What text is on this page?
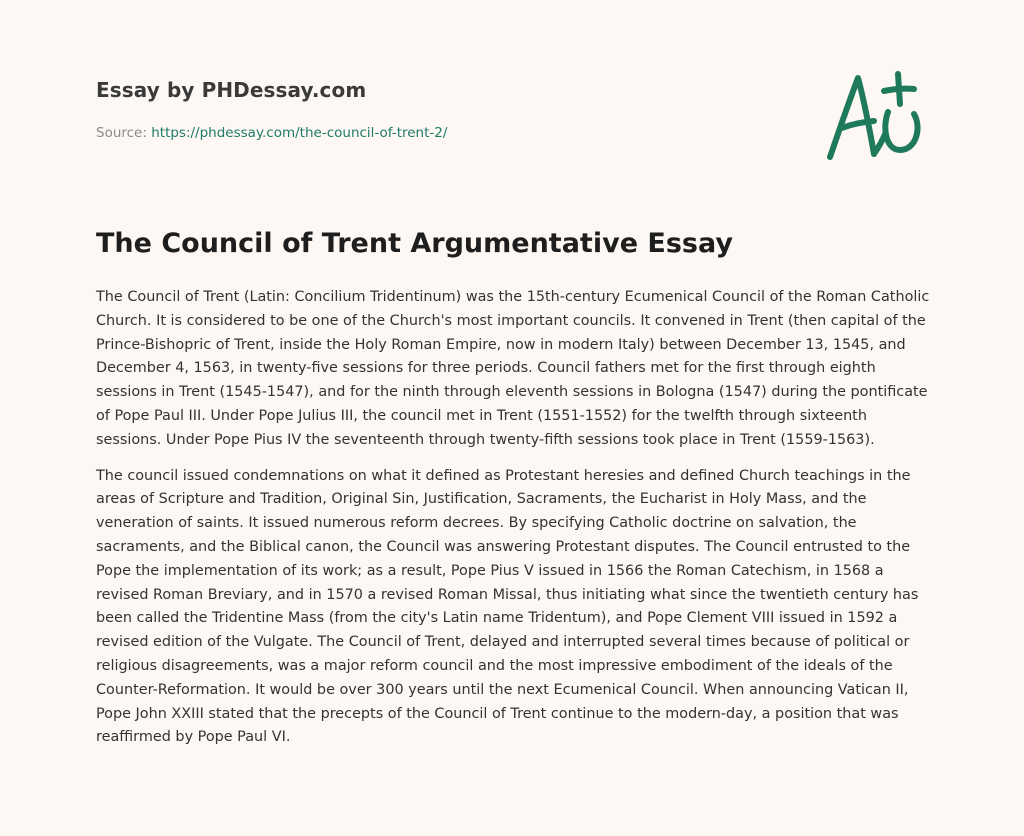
Essay by PHDessay.com

Source: https://phdessay.com/the-council-of-trent-2/
The Council of Trent Argumentative Essay

The Council of Trent (Latin: Concilium Tridentinum) was the 15th-century Ecumenical Council of the Roman Catholic Church. It is considered to be one of the Church's most important councils. It convened in Trent (then capital of the Prince-Bishopric of Trent, inside the Holy Roman Empire, now in modern Italy) between December 13, 1545, and December 4, 1563, in twenty-five sessions for three periods. Council fathers met for the first through eighth sessions in Trent (1545-1547), and for the ninth through eleventh sessions in Bologna (1547) during the pontificate of Pope Paul III. Under Pope Julius III, the council met in Trent (1551-1552) for the twelfth through sixteenth sessions. Under Pope Pius IV the seventeenth through twenty-fifth sessions took place in Trent (1559-1563).

The council issued condemnations on what it defined as Protestant heresies and defined Church teachings in the areas of Scripture and Tradition, Original Sin, Justification, Sacraments, the Eucharist in Holy Mass, and the veneration of saints. It issued numerous reform decrees. By specifying Catholic doctrine on salvation, the sacraments, and the Biblical canon, the Council was answering Protestant disputes. The Council entrusted to the Pope the implementation of its work; as a result, Pope Pius V issued in 1566 the Roman Catechism, in 1568 a revised Roman Breviary, and in 1570 a revised Roman Missal, thus initiating what since the twentieth century has been called the Tridentine Mass (from the city's Latin name Tridentum), and Pope Clement VIII issued in 1592 a revised edition of the Vulgate. The Council of Trent, delayed and interrupted several times because of political or religious disagreements, was a major reform council and the most impressive embodiment of the ideals of the Counter-Reformation. It would be over 300 years until the next Ecumenical Council. When announcing Vatican II, Pope John XXIII stated that the precepts of the Council of Trent continue to the modern-day, a position that was reaffirmed by Pope Paul VI.
